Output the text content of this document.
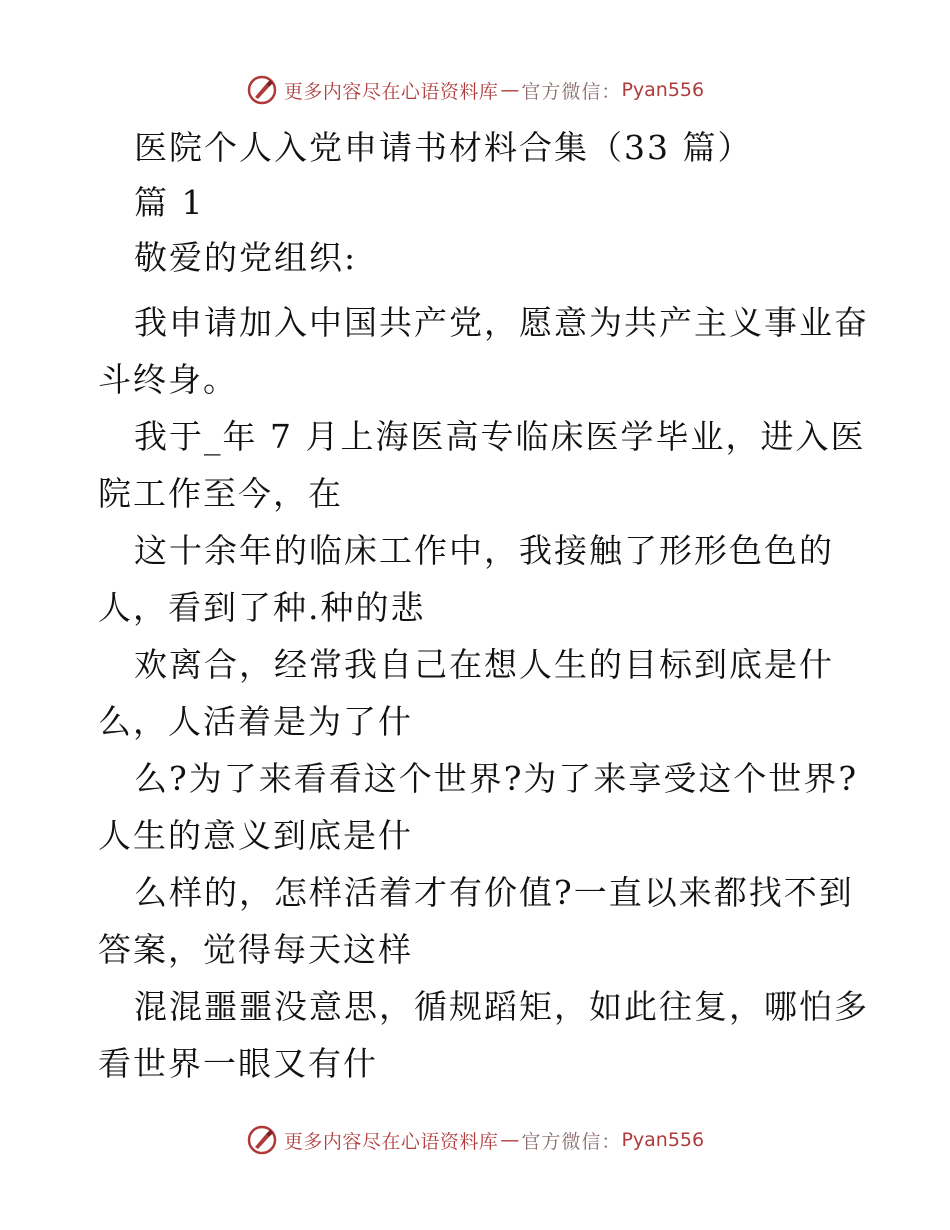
更多内容尽在心语资料库 — 官方微信： Pyan556
医院个人入党申请书材料合集（33 篇）
篇 1
敬爱的党组织:
我申请加入中国共产党，愿意为共产主义事业奋
斗终身。
我于_年 7 月上海医高专临床医学毕业，进入医
院工作至今，在
这十余年的临床工作中，我接触了形形色色的
人，看到了种.种的悲
欢离合，经常我自己在想人生的目标到底是什
么，人活着是为了什
么?为了来看看这个世界?为了来享受这个世界?
人生的意义到底是什
么样的，怎样活着才有价值?一直以来都找不到
答案，觉得每天这样
混混噩噩没意思，循规蹈矩，如此往复，哪怕多
看世界一眼又有什
更多内容尽在心语资料库 — 官方微信： Pyan556
